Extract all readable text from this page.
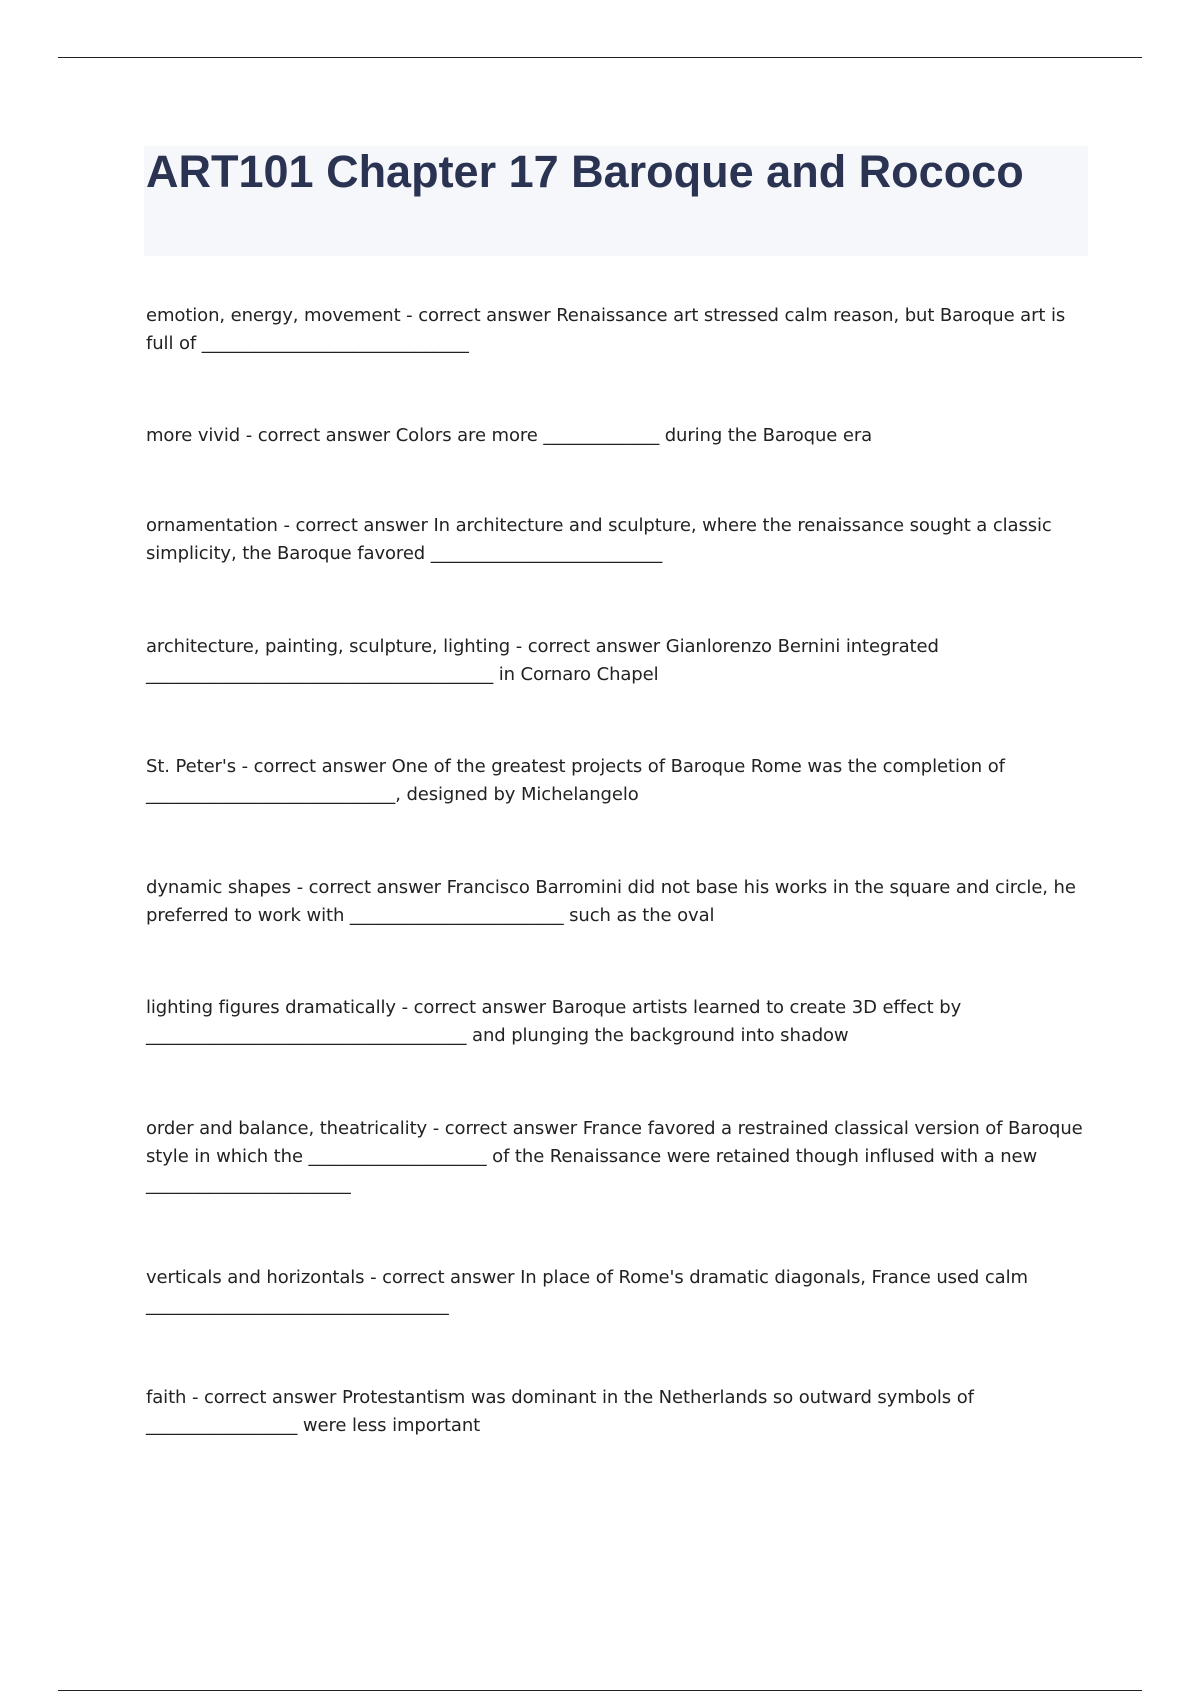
ART101 Chapter 17 Baroque and Rococo

emotion, energy, movement - correct answer Renaissance art stressed calm reason, but Baroque art is full of ______________________________

more vivid - correct answer Colors are more _____________ during the Baroque era

ornamentation - correct answer In architecture and sculpture, where the renaissance sought a classic simplicity, the Baroque favored __________________________

architecture, painting, sculpture, lighting - correct answer Gianlorenzo Bernini integrated _______________________________________ in Cornaro Chapel

St. Peter's - correct answer One of the greatest projects of Baroque Rome was the completion of ____________________________, designed by Michelangelo

dynamic shapes - correct answer Francisco Barromini did not base his works in the square and circle, he preferred to work with ________________________ such as the oval

lighting figures dramatically - correct answer Baroque artists learned to create 3D effect by ____________________________________ and plunging the background into shadow

order and balance, theatricality - correct answer France favored a restrained classical version of Baroque style in which the ____________________ of the Renaissance were retained though inflused with a new _______________________

verticals and horizontals - correct answer In place of Rome's dramatic diagonals, France used calm __________________________________

faith - correct answer Protestantism was dominant in the Netherlands so outward symbols of _________________ were less important
